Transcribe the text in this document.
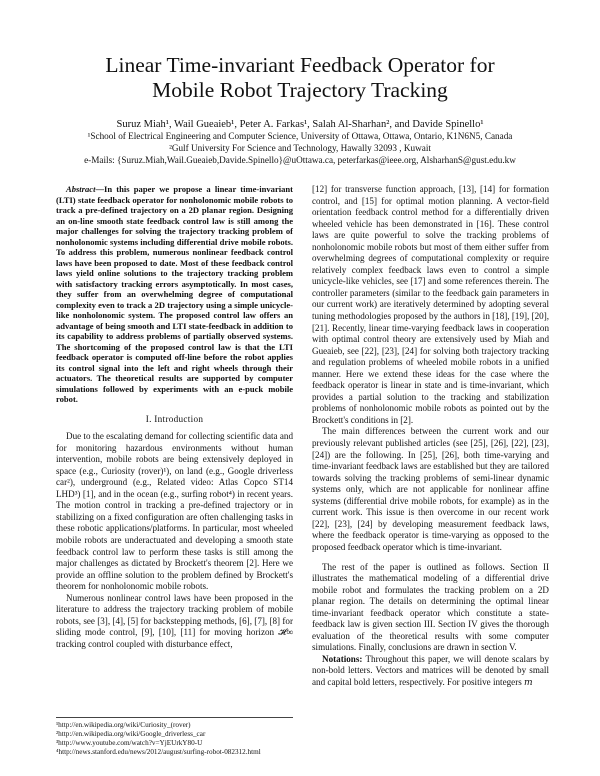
Linear Time-invariant Feedback Operator for
Mobile Robot Trajectory Tracking
Suruz Miah¹, Wail Gueaieb¹, Peter A. Farkas¹, Salah Al-Sharhan², and Davide Spinello¹
¹School of Electrical Engineering and Computer Science, University of Ottawa, Ottawa, Ontario, K1N6N5, Canada
²Gulf University For Science and Technology, Hawally 32093 , Kuwait
e-Mails: {Suruz.Miah,Wail.Gueaieb,Davide.Spinello}@uOttawa.ca, peterfarkas@ieee.org, AlsharhanS@gust.edu.kw

Abstract—In this paper we propose a linear time-invariant (LTI) state feedback operator for nonholonomic mobile robots to track a pre-defined trajectory on a 2D planar region. Designing an on-line smooth state feedback control law is still among the major challenges for solving the trajectory tracking problem of nonholonomic systems including differential drive mobile robots. To address this problem, numerous nonlinear feedback control laws have been proposed to date. Most of these feedback control laws yield online solutions to the trajectory tracking problem with satisfactory tracking errors asymptotically. In most cases, they suffer from an overwhelming degree of computational complexity even to track a 2D trajectory using a simple unicycle-like nonholonomic system. The proposed control law offers an advantage of being smooth and LTI state-feedback in addition to its capability to address problems of partially observed systems. The shortcoming of the proposed control law is that the LTI feedback operator is computed off-line before the robot applies its control signal into the left and right wheels through their actuators. The theoretical results are supported by computer simulations followed by experiments with an e-puck mobile robot.

I. Introduction

Due to the escalating demand for collecting scientific data and for monitoring hazardous environments without human intervention, mobile robots are being extensively deployed in space (e.g., Curiosity (rover)¹), on land (e.g., Google driverless car²), underground (e.g., Related video: Atlas Copco ST14 LHD³) [1], and in the ocean (e.g., surfing robot⁴) in recent years. The motion control in tracking a pre-defined trajectory or in stabilizing on a fixed configuration are often challenging tasks in these robotic applications/platforms. In particular, most wheeled mobile robots are underactuated and developing a smooth state feedback control law to perform these tasks is still among the major challenges as dictated by Brockett's theorem [2]. Here we provide an offline solution to the problem defined by Brockett's theorem for nonholonomic mobile robots.

Numerous nonlinear control laws have been proposed in the literature to address the trajectory tracking problem of mobile robots, see [3], [4], [5] for backstepping methods, [6], [7], [8] for sliding mode control, [9], [10], [11] for moving horizon 𝓗∞ tracking control coupled with disturbance effect,

[12] for transverse function approach, [13], [14] for formation control, and [15] for optimal motion planning. A vector-field orientation feedback control method for a differentially driven wheeled vehicle has been demonstrated in [16]. These control laws are quite powerful to solve the tracking problems of nonholonomic mobile robots but most of them either suffer from overwhelming degrees of computational complexity or require relatively complex feedback laws even to control a simple unicycle-like vehicles, see [17] and some references therein. The controller parameters (similar to the feedback gain parameters in our current work) are iteratively determined by adopting several tuning methodologies proposed by the authors in [18], [19], [20], [21]. Recently, linear time-varying feedback laws in cooperation with optimal control theory are extensively used by Miah and Gueaieb, see [22], [23], [24] for solving both trajectory tracking and regulation problems of wheeled mobile robots in a unified manner. Here we extend these ideas for the case where the feedback operator is linear in state and is time-invariant, which provides a partial solution to the tracking and stabilization problems of nonholonomic mobile robots as pointed out by the Brockett's conditions in [2].

The main differences between the current work and our previously relevant published articles (see [25], [26], [22], [23], [24]) are the following. In [25], [26], both time-varying and time-invariant feedback laws are established but they are tailored towards solving the tracking problems of semi-linear dynamic systems only, which are not applicable for nonlinear affine systems (differential drive mobile robots, for example) as in the current work. This issue is then overcome in our recent work [22], [23], [24] by developing measurement feedback laws, where the feedback operator is time-varying as opposed to the proposed feedback operator which is time-invariant.

The rest of the paper is outlined as follows. Section II illustrates the mathematical modeling of a differential drive mobile robot and formulates the tracking problem on a 2D planar region. The details on determining the optimal linear time-invariant feedback operator which constitute a state-feedback law is given section III. Section IV gives the thorough evaluation of the theoretical results with some computer simulations. Finally, conclusions are drawn in section V.

Notations: Throughout this paper, we will denote scalars by non-bold letters. Vectors and matrices will be denoted by small and capital bold letters, respectively. For positive integers 𝑚

¹http://en.wikipedia.org/wiki/Curiosity_(rover)
²http://en.wikipedia.org/wiki/Google_driverless_car
³http://www.youtube.com/watch?v=YjEUrkY80-U
⁴http://news.stanford.edu/news/2012/august/surfing-robot-082312.html
